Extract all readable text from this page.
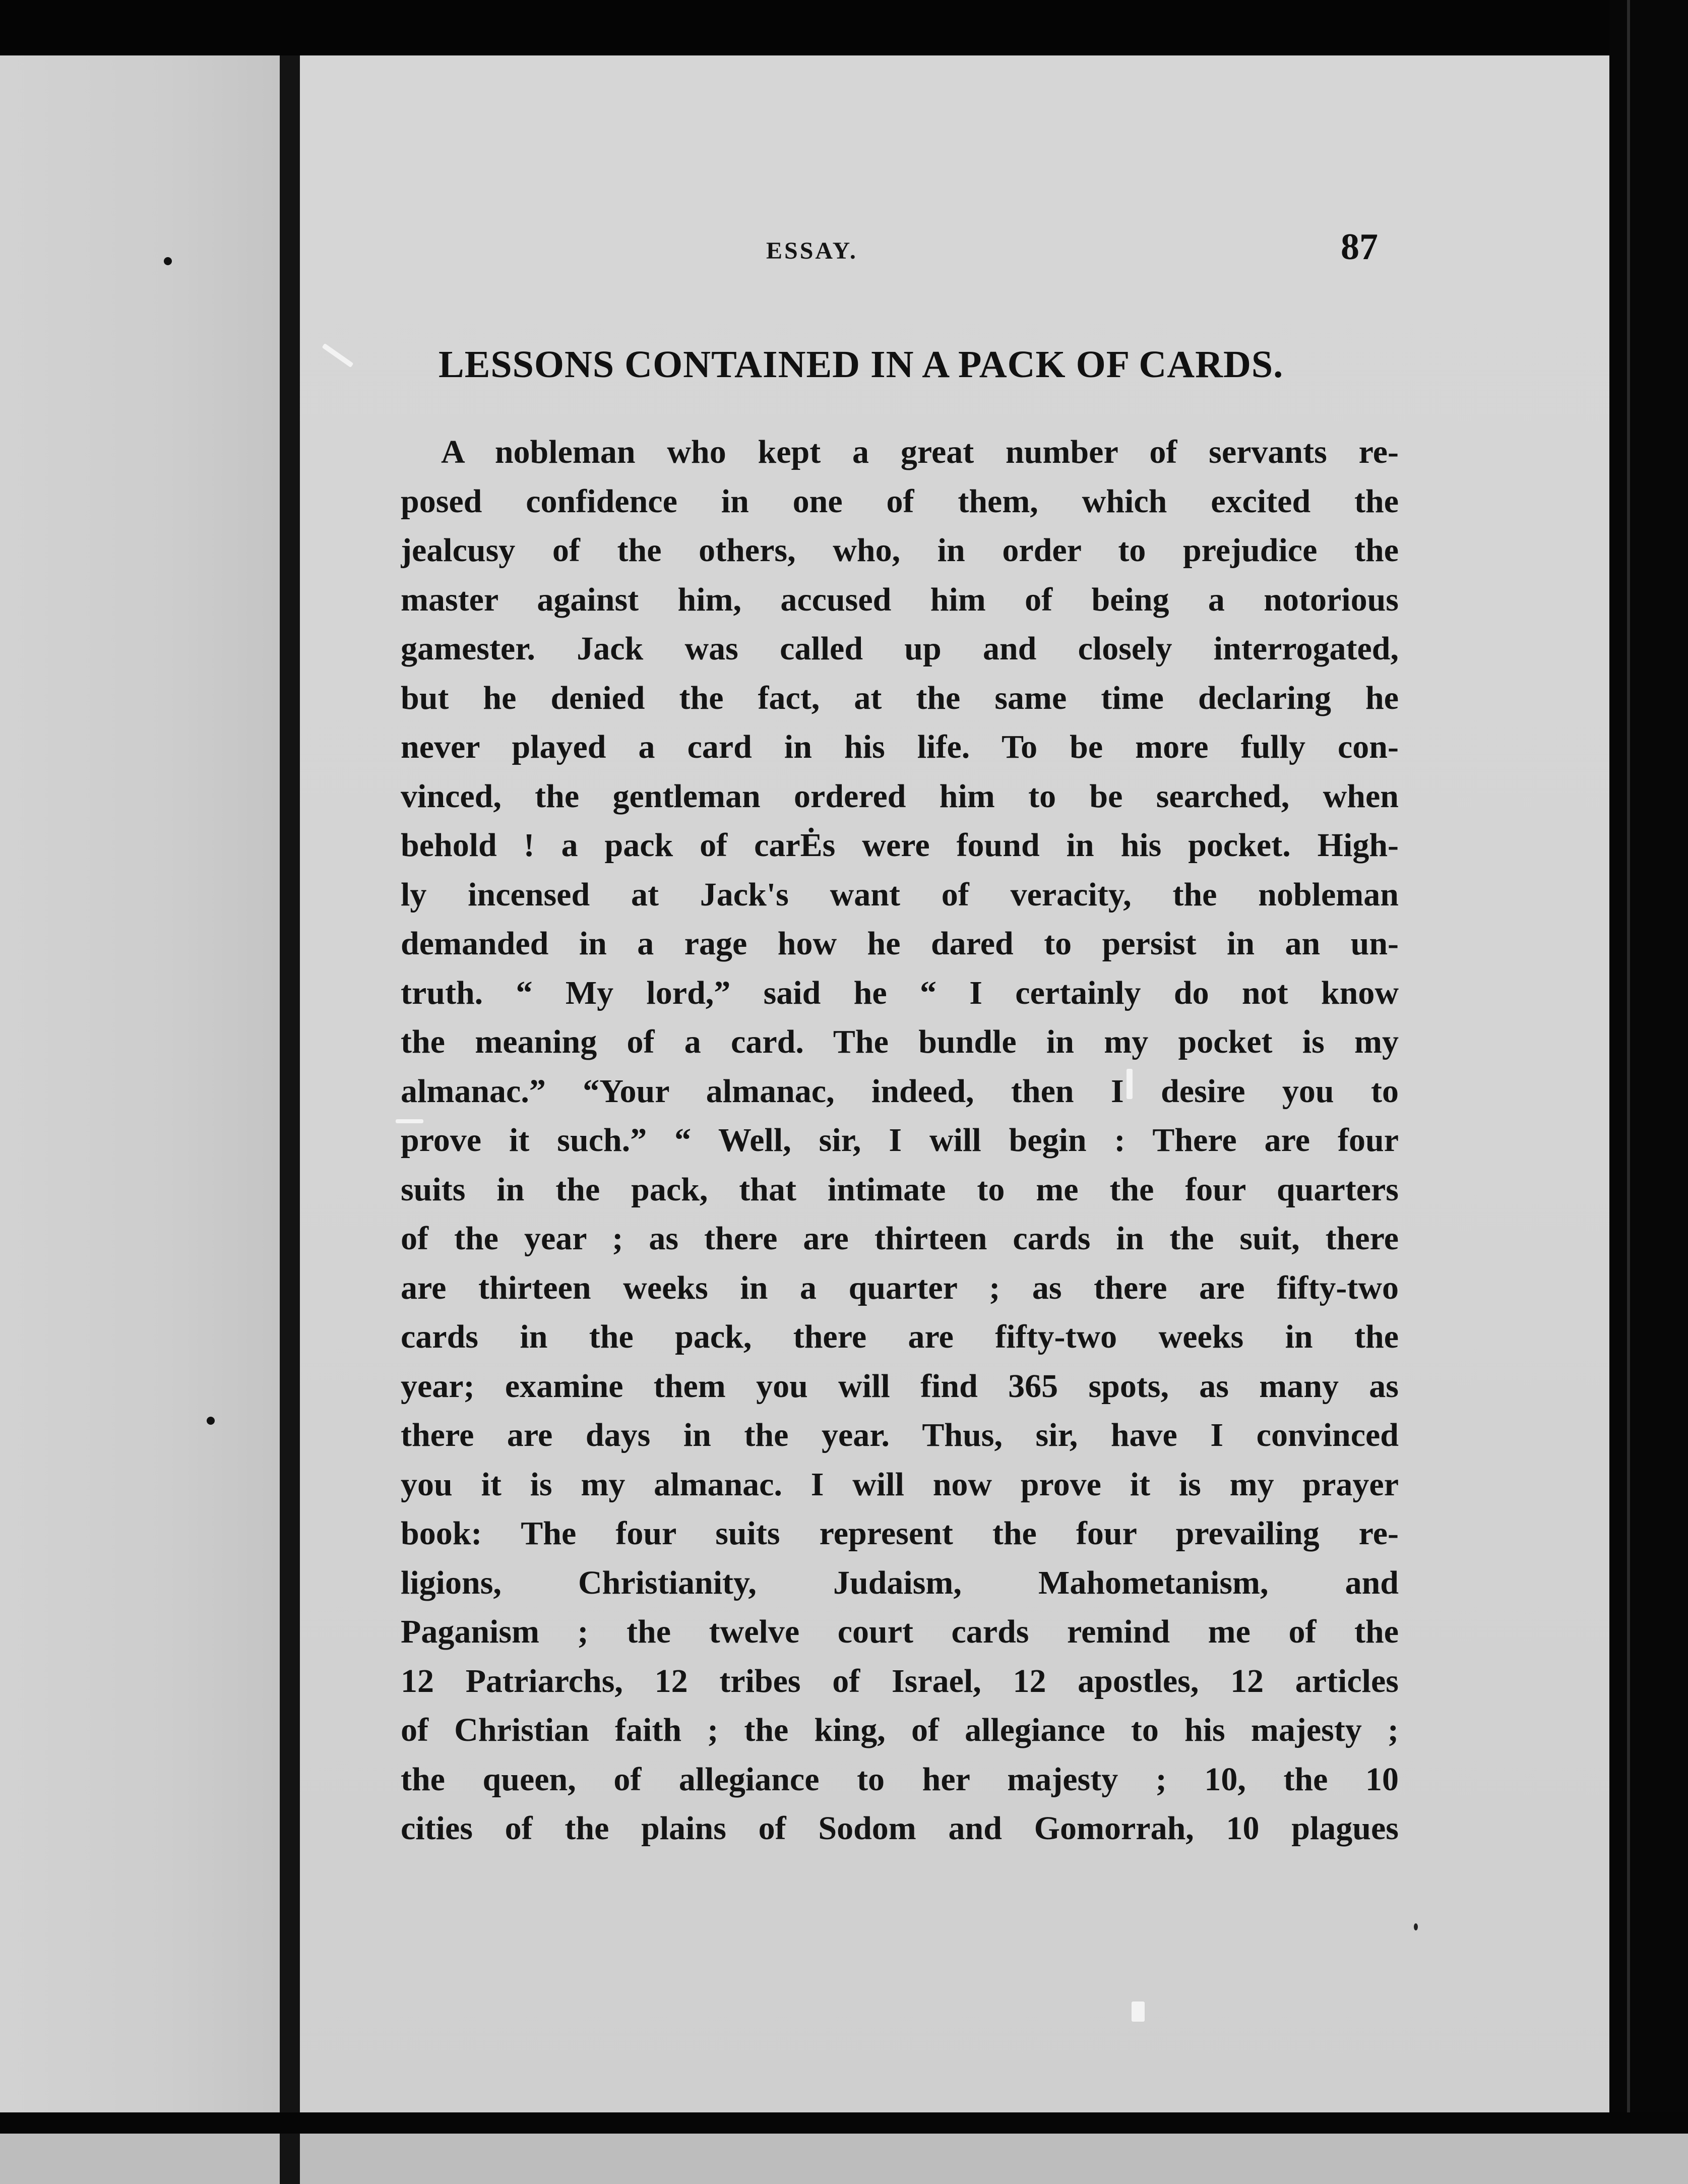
ESSAY.	87
LESSONS CONTAINED IN A PACK OF CARDS.
A nobleman who kept a great number of servants re-
posed confidence in one of them, which excited the
jealcusy of the others, who, in order to prejudice the
master against him, accused him of being a notorious
gamester. Jack was called up and closely interrogated,
but he denied the fact, at the same time declaring he
never played a card in his life. To be more fully con-
vinced, the gentleman ordered him to be searched, when
behold ! a pack of carĖs were found in his pocket. High-
ly incensed at Jack's want of veracity, the nobleman
demanded in a rage how he dared to persist in an un-
truth. “ My lord,” said he “ I certainly do not know
the meaning of a card. The bundle in my pocket is my
almanac.” “Your almanac, indeed, then I desire you to
prove it such.” “ Well, sir, I will begin : There are four
suits in the pack, that intimate to me the four quarters
of the year ; as there are thirteen cards in the suit, there
are thirteen weeks in a quarter ; as there are fifty-two
cards in the pack, there are fifty-two weeks in the
year; examine them you will find 365 spots, as many as
there are days in the year. Thus, sir, have I convinced
you it is my almanac. I will now prove it is my prayer
book: The four suits represent the four prevailing re-
ligions, Christianity, Judaism, Mahometanism, and
Paganism ; the twelve court cards remind me of the
12 Patriarchs, 12 tribes of Israel, 12 apostles, 12 articles
of Christian faith ; the king, of allegiance to his majesty ;
the queen, of allegiance to her majesty ; 10, the 10
cities of the plains of Sodom and Gomorrah, 10 plagues
